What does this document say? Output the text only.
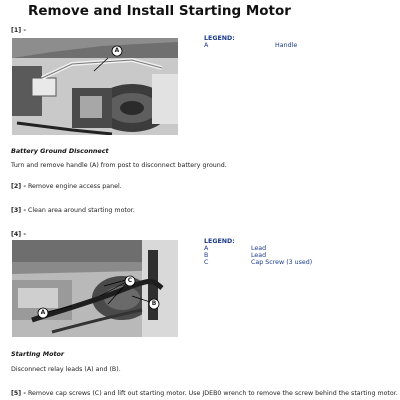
Remove and Install Starting Motor
[1] -
A
LEGEND:
A	Handle
Battery Ground Disconnect
Turn and remove handle (A) from post to disconnect battery ground.
[2] - Remove engine access panel.
[3] - Clean area around starting motor.
[4] -
C
B
A
LEGEND:
A	Lead
B	Lead
C	Cap Screw (3 used)
Starting Motor
Disconnect relay leads (A) and (B).
[5] - Remove cap screws (C) and lift out starting motor. Use JDEB0 wrench to remove the screw behind the starting motor.
